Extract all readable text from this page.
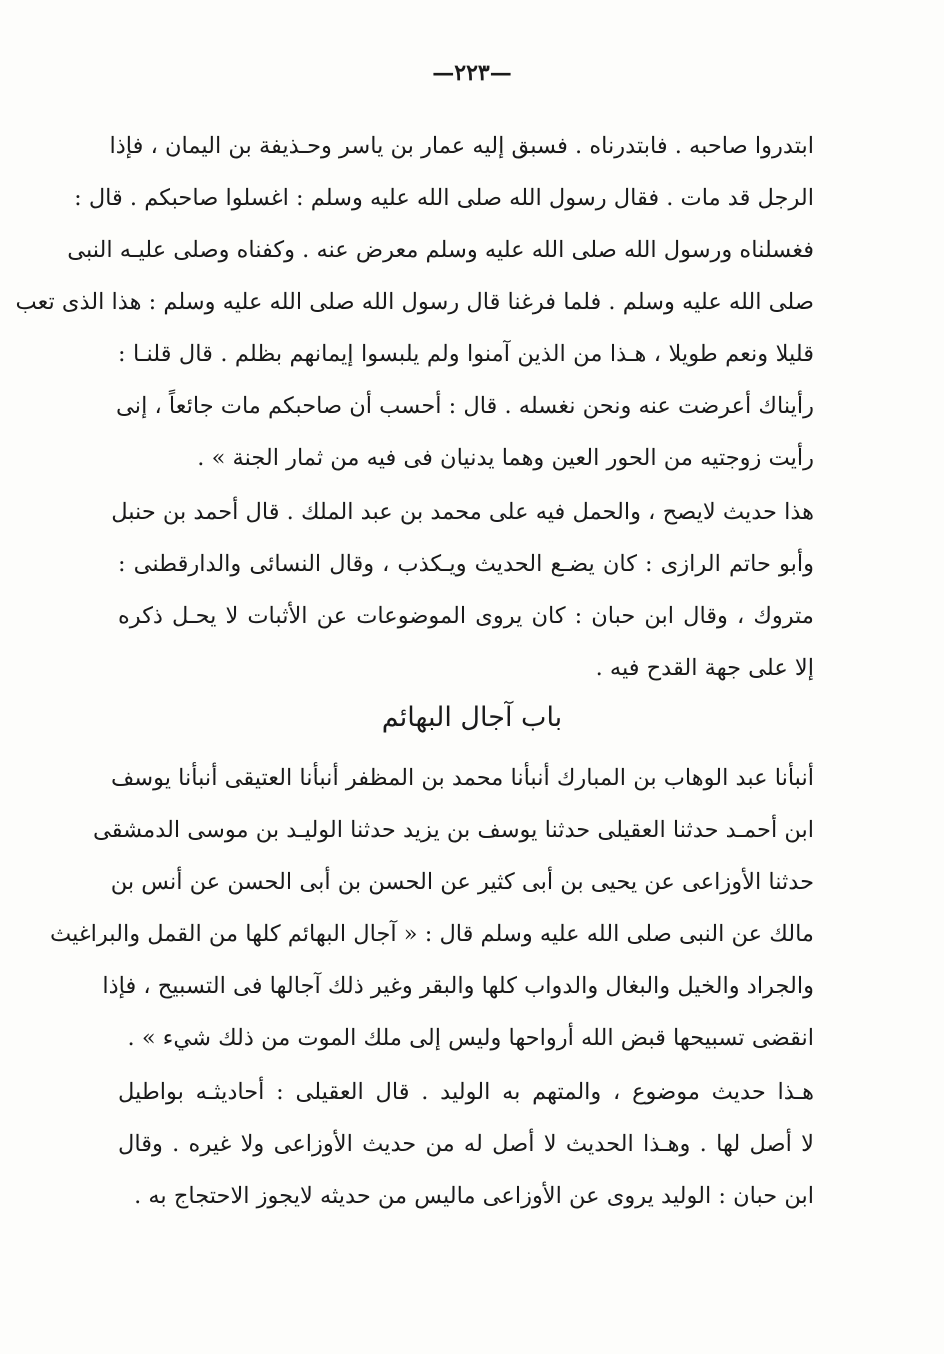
—٢٢٣—
ابتدروا صاحبه . فابتدرناه . فسبق إليه عمار بن ياسر وحـذيفة بن اليمان ، فإذا
الرجل قد مات . فقال رسول الله صلى الله عليه وسلم : اغسلوا صاحبكم . قال :
فغسلناه ورسول الله صلى الله عليه وسلم معرض عنه . وكفناه وصلى عليـه النبى
صلى الله عليه وسلم . فلما فرغنا قال رسول الله صلى الله عليه وسلم : هذا الذى تعب
قليلا ونعم طويلا ، هـذا من الذين آمنوا ولم يلبسوا إيمانهم بظلم . قال قلنـا :
رأيناك أعرضت عنه ونحن نغسله . قال : أحسب أن صاحبكم مات جائعاً ، إنى
رأيت زوجتيه من الحور العين وهما يدنيان فى فيه من ثمار الجنة » .
هذا حديث لايصح ، والحمل فيه على محمد بن عبد الملك . قال أحمد بن حنبل
وأبو حاتم الرازى : كان يضـع الحديث ويـكذب ، وقال النسائى والدارقطنى :
متروك ، وقال ابن حبان : كان يروى الموضوعات عن الأثبات لا يحـل ذكره
إلا على جهة القدح فيه .
باب آجال البهائم
أنبأنا عبد الوهاب بن المبارك أنبأنا محمد بن المظفر أنبأنا العتيقى أنبأنا يوسف
ابن أحمـد حدثنا العقيلى حدثنا يوسف بن يزيد حدثنا الوليـد بن موسى الدمشقى
حدثنا الأوزاعى عن يحيى بن أبى كثير عن الحسن بن أبى الحسن عن أنس بن
مالك عن النبى صلى الله عليه وسلم قال : « آجال البهائم كلها من القمل والبراغيث
والجراد والخيل والبغال والدواب كلها والبقر وغير ذلك آجالها فى التسبيح ، فإذا
انقضى تسبيحها قبض الله أرواحها وليس إلى ملك الموت من ذلك شيء » .
هـذا حديث موضوع ، والمتهم به الوليد . قال العقيلى : أحاديثـه بواطيل
لا أصل لها . وهـذا الحديث لا أصل له من حديث الأوزاعى ولا غيره . وقال
ابن حبان : الوليد يروى عن الأوزاعى ماليس من حديثه لايجوز الاحتجاج به .
